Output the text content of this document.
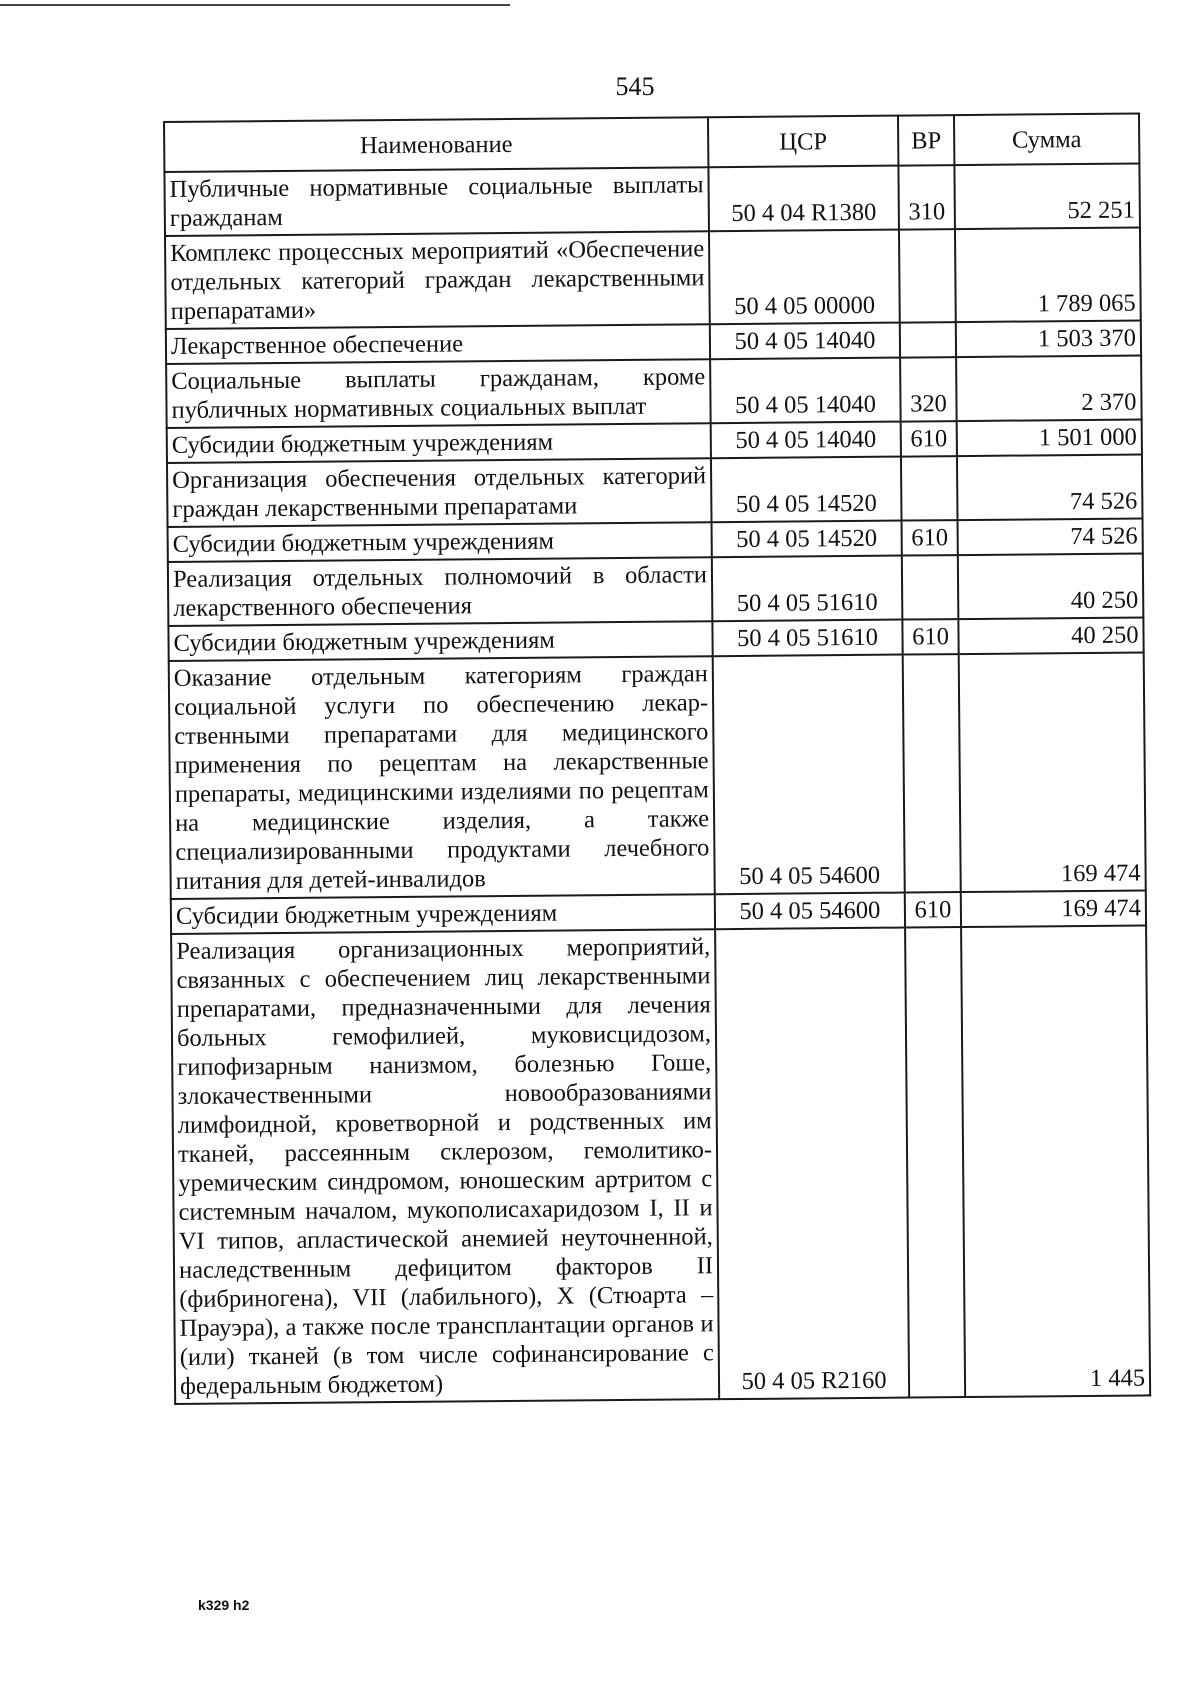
545
Наименование	ЦСР	ВР	Сумма
Публичные нормативные социальные выплаты гражданам	50 4 04 R1380	310	52 251
Комплекс процессных мероприятий «Обеспечение отдельных категорий граждан лекарственными препаратами»	50 4 05 00000		1 789 065
Лекарственное обеспечение	50 4 05 14040		1 503 370
Социальные выплаты гражданам, кроме публичных нормативных социальных выплат	50 4 05 14040	320	2 370
Субсидии бюджетным учреждениям	50 4 05 14040	610	1 501 000
Организация обеспечения отдельных категорий граждан лекарственными препаратами	50 4 05 14520		74 526
Субсидии бюджетным учреждениям	50 4 05 14520	610	74 526
Реализация отдельных полномочий в области лекарственного обеспечения	50 4 05 51610		40 250
Субсидии бюджетным учреждениям	50 4 05 51610	610	40 250
Оказание отдельным категориям граждан социальной услуги по обеспечению лекарственными препаратами для медицинского применения по рецептам на лекарственные препараты, медицинскими изделиями по рецептам на медицинские изделия, а также специализированными продуктами лечебного питания для детей-инвалидов	50 4 05 54600		169 474
Субсидии бюджетным учреждениям	50 4 05 54600	610	169 474
Реализация организационных мероприятий, связанных с обеспечением лиц лекарственными препаратами, предназначенными для лечения больных гемофилией, муковисцидозом, гипофизарным нанизмом, болезнью Гоше, злокачественными новообразованиями лимфоидной, кроветворной и родственных им тканей, рассеянным склерозом, гемолитико-уремическим синдромом, юношеским артритом с системным началом, мукополисахаридозом I, II и VI типов, апластической анемией неуточненной, наследственным дефицитом факторов II (фибриногена), VII (лабильного), X (Стюарта – Прауэра), а также после трансплантации органов и (или) тканей (в том числе софинансирование с федеральным бюджетом)	50 4 05 R2160		1 445
k329 h2
